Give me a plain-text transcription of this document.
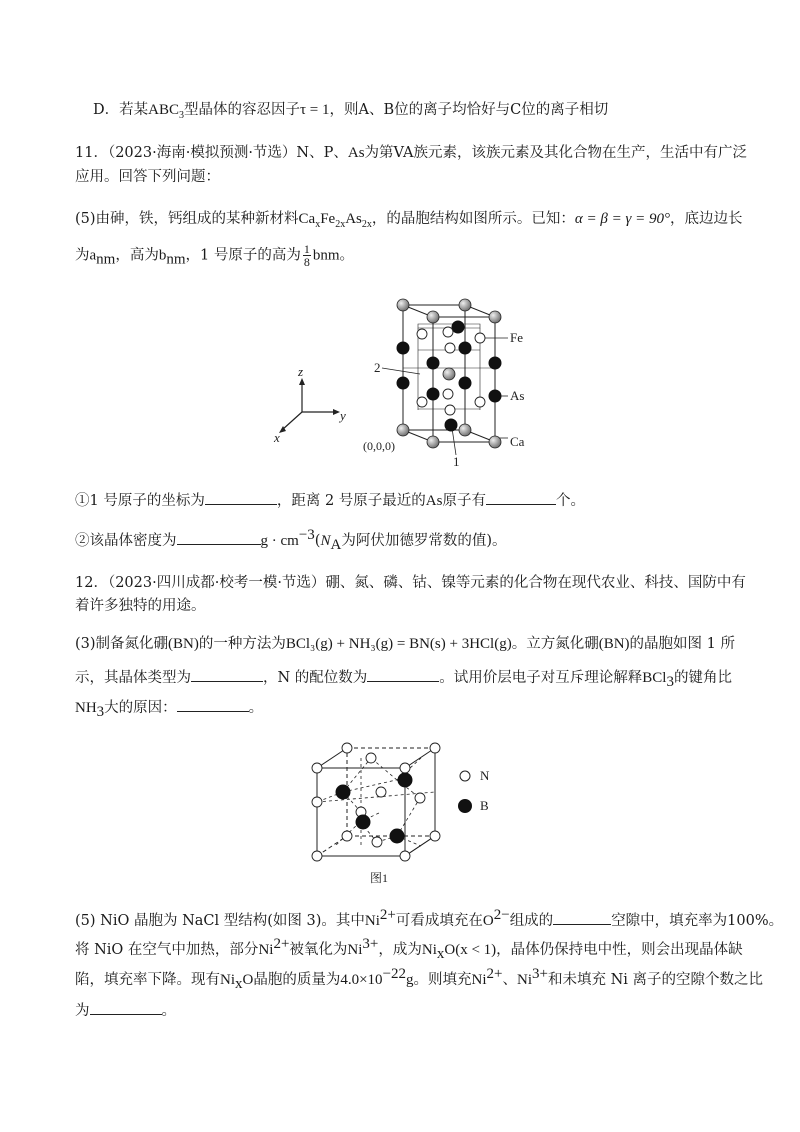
D．若某$ABC_3$型晶体的容忍因子τ = 1，则A、B位的离子均恰好与C位的离子相切
11．（2023·海南·模拟预测·节选）N、P、As为第VA族元素，该族元素及其化合物在生产，生活中有广泛
应用。回答下列问题：
(5)由砷，铁，钙组成的某种新材料$Ca_xFe_{2x}As_{2x}$，的晶胞结构如图所示。已知：α = β = γ = 90°，底边边长
为$a_{nm}$，高为$b_{nm}$，1 号原子的高为 $\frac{1}{8}$ bnm。
z
y
x
Fe
As
Ca
2
1
(0,0,0)
①1 号原子的坐标为	，距离 2 号原子最近的As原子有	个。
②该晶体密度为	$g \cdot cm^{-3}(N_A$为阿伏加德罗常数的值)。
12．（2023·四川成都·校考一模·节选）硼、氮、磷、钴、镍等元素的化合物在现代农业、科技、国防中有
着许多独特的用途。
(3)制备氮化硼(BN)的一种方法为BCl₃(g) + NH₃(g) = BN(s) + 3HCl(g)。立方氮化硼(BN)的晶胞如图 1 所
示，其晶体类型为	，N 的配位数为	。试用价层电子对互斥理论解释BCl$_3$的键角比
$NH_3$大的原因：	。
N
B
图1
(5) NiO 晶胞为 NaCl 型结构(如图 3)。其中$Ni^{2+}$可看成填充在$O^{2-}$组成的	空隙中，填充率为100%。
将 NiO 在空气中加热，部分$Ni^{2+}$被氧化为$Ni^{3+}$，成为$Ni_xO(x < 1)$，晶体仍保持电中性，则会出现晶体缺
陷，填充率下降。现有$Ni_xO$晶胞的质量为$4.0\times 10^{-22}g$。则填充$Ni^{2+}$、$Ni^{3+}$和未填充 Ni 离子的空隙个数之比
为	。
